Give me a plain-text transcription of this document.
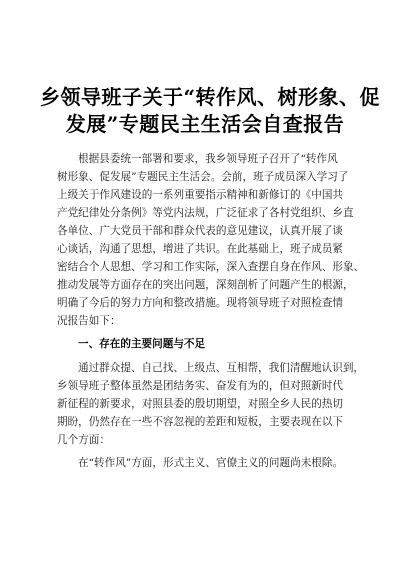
乡领导班子关于“转作风、树形象、促
发展”专题民主生活会自查报告
根据县委统一部署和要求，我乡领导班子召开了“转作风
树形象、促发展”专题民主生活会。会前，班子成员深入学习了
上级关于作风建设的一系列重要指示精神和新修订的《中国共
产党纪律处分条例》等党内法规，广泛征求了各村党组织、乡直
各单位、广大党员干部和群众代表的意见建议，认真开展了谈
心谈话，沟通了思想，增进了共识。在此基础上，班子成员紧
密结合个人思想、学习和工作实际，深入查摆自身在作风、形象、
推动发展等方面存在的突出问题，深刻剖析了问题产生的根源，
明确了今后的努力方向和整改措施。现将领导班子对照检查情
况报告如下：
一、存在的主要问题与不足
通过群众提、自己找、上级点、互相帮，我们清醒地认识到，
乡领导班子整体虽然是团结务实、奋发有为的，但对照新时代
新征程的新要求，对照县委的殷切期望，对照全乡人民的热切
期盼，仍然存在一些不容忽视的差距和短板，主要表现在以下
几个方面：
在“转作风”方面，形式主义、官僚主义的问题尚未根除。
